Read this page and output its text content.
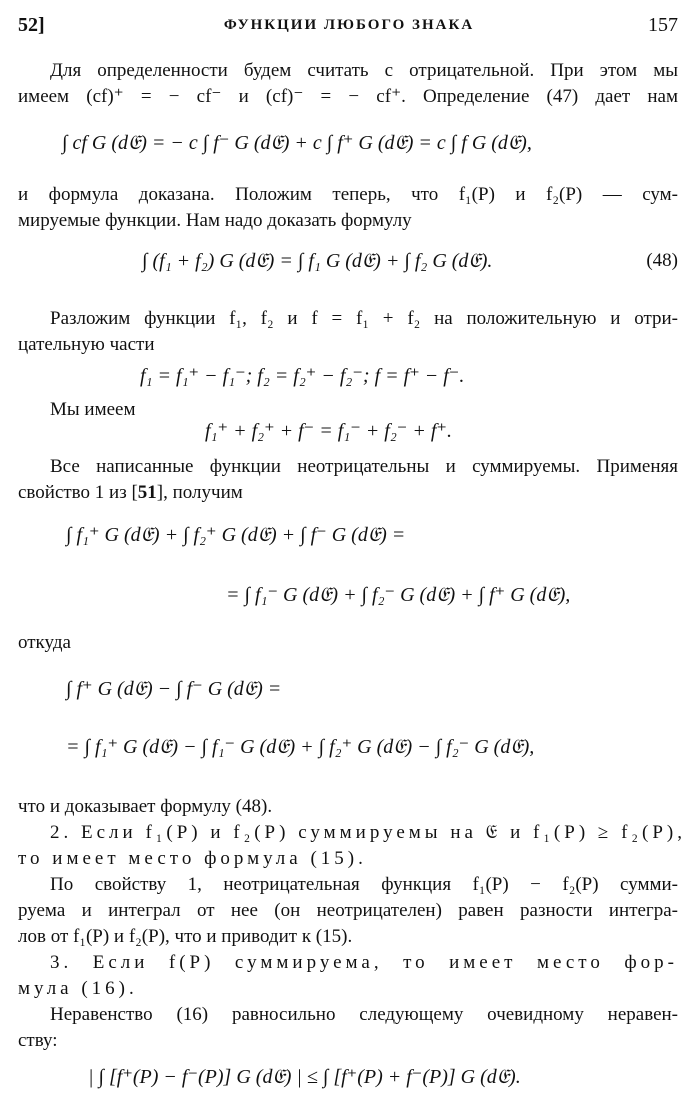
52]	ФУНКЦИИ ЛЮБОГО ЗНАКА	157
Для определенности будем считать c отрицательной. При этом мы
имеем (cf)⁺ = − cf⁻ и (cf)⁻ = − cf⁺. Определение (47) дает нам
∫ cf G (d𝔈) = − c ∫ f⁻ G (d𝔈) + c ∫ f⁺ G (d𝔈) = c ∫ f G (d𝔈),
и формула доказана. Положим теперь, что f₁(P) и f₂(P) — сум-
мируемые функции. Нам надо доказать формулу
∫ (f₁ + f₂) G (d𝔈) = ∫ f₁ G (d𝔈) + ∫ f₂ G (d𝔈).	(48)
Разложим функции f₁, f₂ и f = f₁ + f₂ на положительную и отри-
цательную части
f₁ = f₁⁺ − f₁⁻; f₂ = f₂⁺ − f₂⁻; f = f⁺ − f⁻.
Мы имеем
f₁⁺ + f₂⁺ + f⁻ = f₁⁻ + f₂⁻ + f⁺.
Все написанные функции неотрицательны и суммируемы. Применяя
свойство 1 из [51], получим
∫ f₁⁺ G (d𝔈) + ∫ f₂⁺ G (d𝔈) + ∫ f⁻ G (d𝔈) =
= ∫ f₁⁻ G (d𝔈) + ∫ f₂⁻ G (d𝔈) + ∫ f⁺ G (d𝔈),
откуда
∫ f⁺ G (d𝔈) − ∫ f⁻ G (d𝔈) =
= ∫ f₁⁺ G (d𝔈) − ∫ f₁⁻ G (d𝔈) + ∫ f₂⁺ G (d𝔈) − ∫ f₂⁻ G (d𝔈),
что и доказывает формулу (48).
2. Если f₁(P) и f₂(P) суммируемы на 𝔈 и f₁(P) ≥ f₂(P),
то имеет место формула (15).
По свойству 1, неотрицательная функция f₁(P) − f₂(P) сумми-
руема и интеграл от нее (он неотрицателен) равен разности интегра-
лов от f₁(P) и f₂(P), что и приводит к (15).
3. Если f(P) суммируема, то имеет место фор-
мула (16).
Неравенство (16) равносильно следующему очевидному неравен-
ству:
| ∫ [f⁺(P) − f⁻(P)] G (d𝔈) | ≤ ∫ [f⁺(P) + f⁻(P)] G (d𝔈).
